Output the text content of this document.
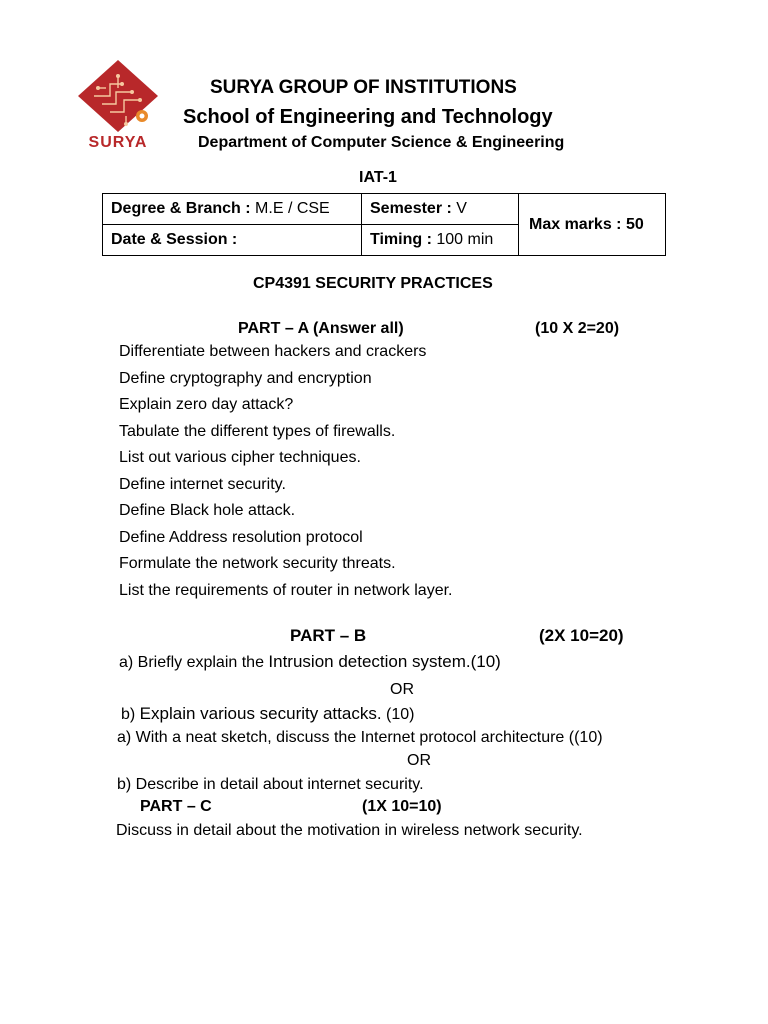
SURYA
SURYA GROUP OF INSTITUTIONS
School of Engineering and Technology
Department of Computer Science & Engineering
IAT-1
Degree & Branch : M.E / CSE	Semester : V	Max marks : 50
Date & Session :	Timing : 100 min	
CP4391 SECURITY PRACTICES
PART – A (Answer all)	(10 X 2=20)
Differentiate between hackers and crackers
Define cryptography and encryption
Explain zero day attack?
Tabulate the different types of firewalls.
List out various cipher techniques.
Define internet security.
Define Black hole attack.
Define Address resolution protocol
Formulate the network security threats.
List the requirements of router in network layer.
PART – B	(2X 10=20)
a) Briefly explain the Intrusion detection system.(10)
OR
b) Explain various security attacks. (10)
a) With a neat sketch, discuss the Internet protocol architecture ((10)
OR
b) Describe in detail about internet security.
PART – C	(1X 10=10)
Discuss in detail about the motivation in wireless network security.
